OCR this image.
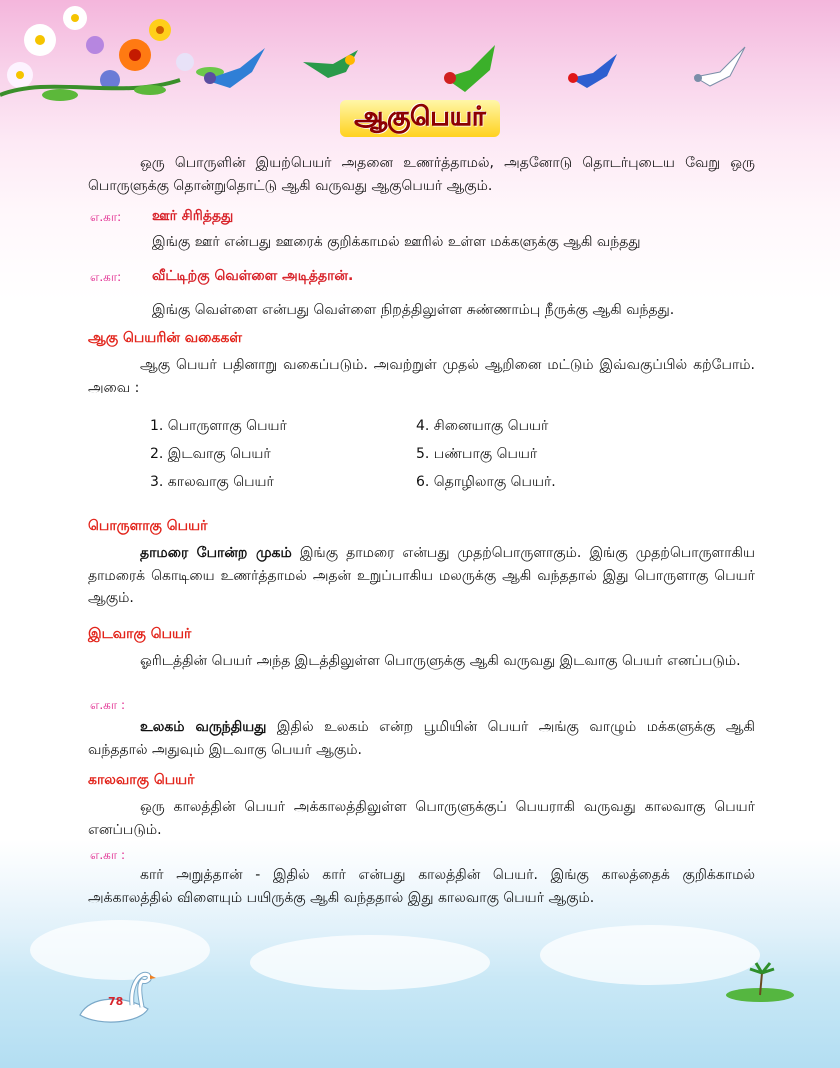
ஆகுபெயர்
ஒரு பொருளின் இயற்பெயர் அதனை உணர்த்தாமல், அதனோடு தொடர்புடைய வேறு ஒரு பொருளுக்கு தொன்றுதொட்டு ஆகி வருவது ஆகுபெயர் ஆகும்.
எ.கா: ஊர் சிரித்தது
இங்கு ஊர் என்பது ஊரைக் குறிக்காமல் ஊரில் உள்ள மக்களுக்கு ஆகி வந்தது
எ.கா: வீட்டிற்கு வெள்ளை அடித்தான்.
இங்கு வெள்ளை என்பது வெள்ளை நிறத்திலுள்ள சுண்ணாம்பு நீருக்கு ஆகி வந்தது.
ஆகு பெயரின் வகைகள்
ஆகு பெயர் பதினாறு வகைப்படும். அவற்றுள் முதல் ஆறினை மட்டும் இவ்வகுப்பில் கற்போம். அவை :
1. பொருளாகு பெயர்
2. இடவாகு பெயர்
3. காலவாகு பெயர்
4. சினையாகு பெயர்
5. பண்பாகு பெயர்
6. தொழிலாகு பெயர்.
பொருளாகு பெயர்
தாமரை போன்ற முகம் இங்கு தாமரை என்பது முதற்பொருளாகும். இங்கு முதற்பொருளாகிய தாமரைக் கொடியை உணர்த்தாமல் அதன் உறுப்பாகிய மலருக்கு ஆகி வந்ததால் இது பொருளாகு பெயர் ஆகும்.
இடவாகு பெயர்
ஓரிடத்தின் பெயர் அந்த இடத்திலுள்ள பொருளுக்கு ஆகி வருவது இடவாகு பெயர் எனப்படும்.
எ.கா :
உலகம் வருந்தியது இதில் உலகம் என்ற பூமியின் பெயர் அங்கு வாழும் மக்களுக்கு ஆகி வந்ததால் அதுவும் இடவாகு பெயர் ஆகும்.
காலவாகு பெயர்
ஒரு காலத்தின் பெயர் அக்காலத்திலுள்ள பொருளுக்குப் பெயராகி வருவது காலவாகு பெயர் எனப்படும்.
எ.கா :
கார் அறுத்தான் - இதில் கார் என்பது காலத்தின் பெயர். இங்கு காலத்தைக் குறிக்காமல் அக்காலத்தில் விளையும் பயிருக்கு ஆகி வந்ததால் இது காலவாகு பெயர் ஆகும்.
78
